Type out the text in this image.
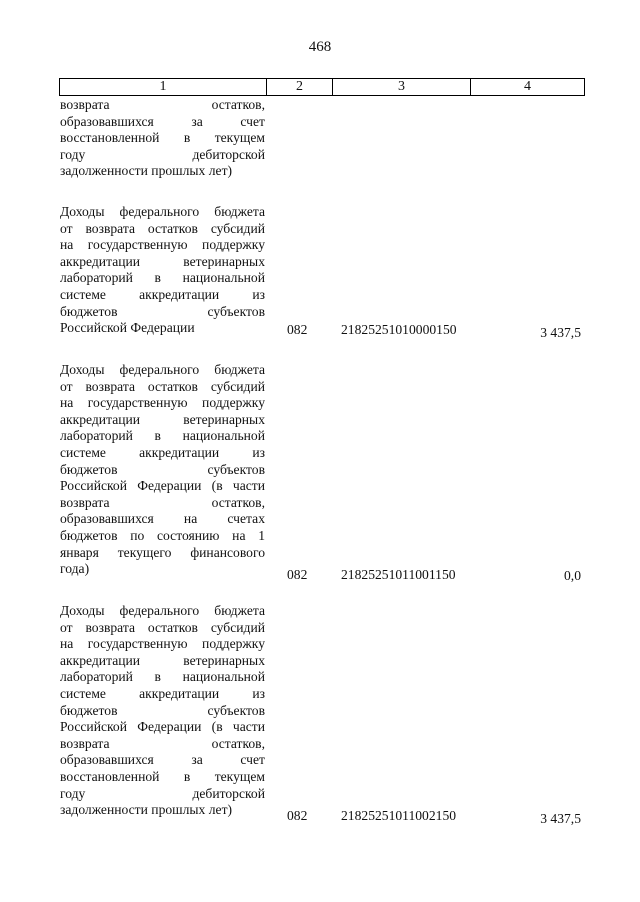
468
1	2	3	4
возврата остатков,
образовавшихся за счет
восстановленной в текущем
году дебиторской
задолженности прошлых лет)
Доходы федерального бюджета
от возврата остатков субсидий
на государственную поддержку
аккредитации ветеринарных
лабораторий в национальной
системе аккредитации из
бюджетов субъектов
Российской Федерации	082 21825251010000150	3 437,5
Доходы федерального бюджета
от возврата остатков субсидий
на государственную поддержку
аккредитации ветеринарных
лабораторий в национальной
системе аккредитации из
бюджетов субъектов
Российской Федерации (в части
возврата остатков,
образовавшихся на счетах
бюджетов по состоянию на 1
января текущего финансового
года)	082 21825251011001150	0,0
Доходы федерального бюджета
от возврата остатков субсидий
на государственную поддержку
аккредитации ветеринарных
лабораторий в национальной
системе аккредитации из
бюджетов субъектов
Российской Федерации (в части
возврата остатков,
образовавшихся за счет
восстановленной в текущем
году дебиторской
задолженности прошлых лет)	082 21825251011002150	3 437,5
